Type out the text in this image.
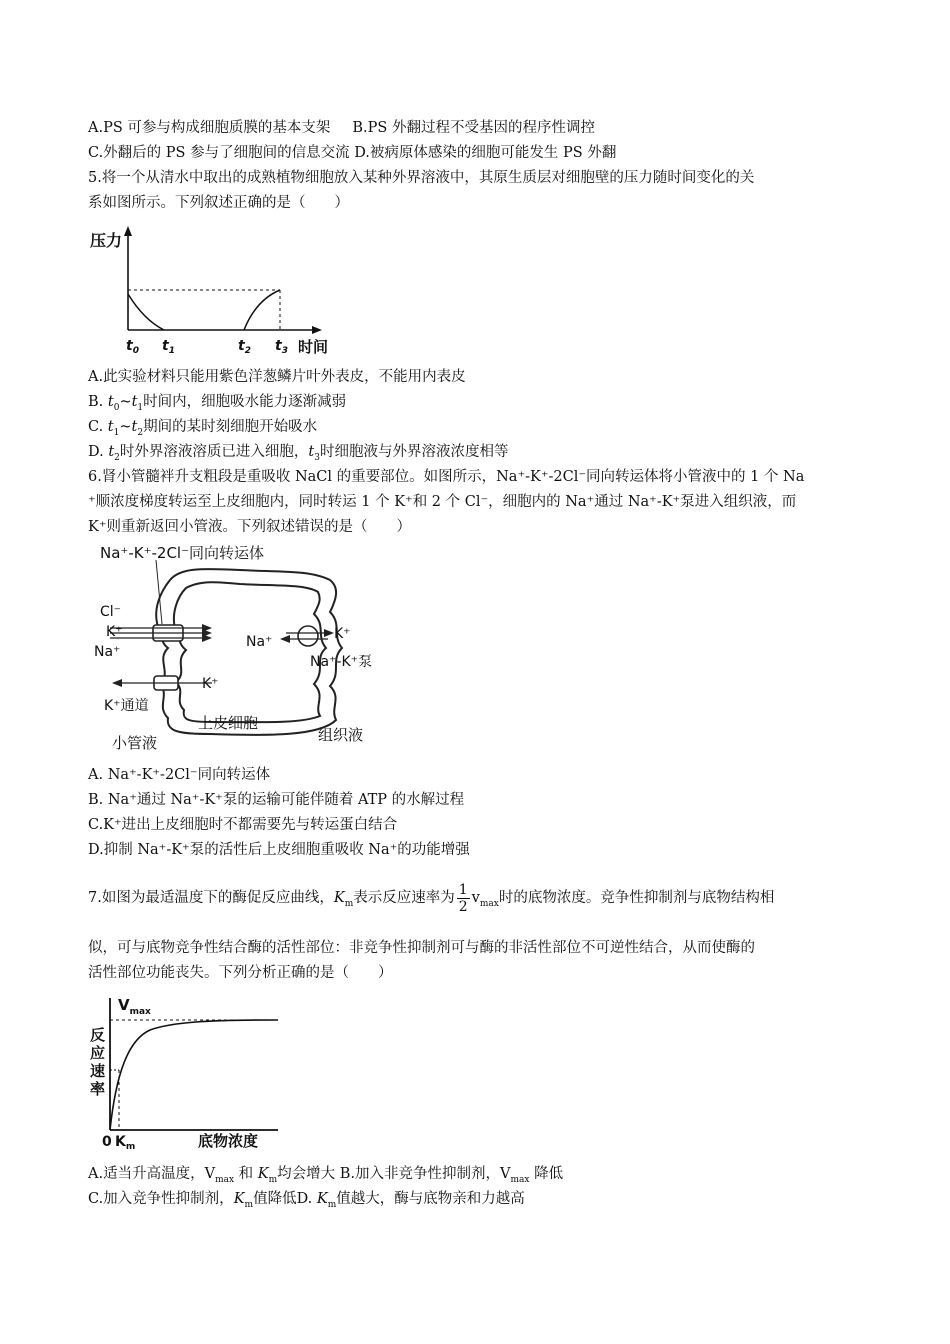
A.PS 可参与构成细胞质膜的基本支架 B.PS 外翻过程不受基因的程序性调控
C.外翻后的 PS 参与了细胞间的信息交流 D.被病原体感染的细胞可能发生 PS 外翻
5.将一个从清水中取出的成熟植物细胞放入某种外界溶液中，其原生质层对细胞壁的压力随时间变化的关
系如图所示。下列叙述正确的是（　　）
压力
时间
$t_0$ $t_1$	$t_2$ $t_3$
A.此实验材料只能用紫色洋葱鳞片叶外表皮，不能用内表皮
B. $t_0\sim t_1$时间内，细胞吸水能力逐渐减弱
C. $t_1\sim t_2$期间的某时刻细胞开始吸水
D. $t_2$时外界溶液溶质已进入细胞，$t_3$时细胞液与外界溶液浓度相等
6.肾小管髓袢升支粗段是重吸收 NaCl 的重要部位。如图所示，Na⁺-K⁺-2Cl⁻同向转运体将小管液中的 1 个 Na
⁺顺浓度梯度转运至上皮细胞内，同时转运 1 个 K⁺和 2 个 Cl⁻，细胞内的 Na⁺通过 Na⁺-K⁺泵进入组织液，而
K⁺则重新返回小管液。下列叙述错误的是（　　）
Na⁺-K⁺-2Cl⁻同向转运体
Cl⁻
K⁺
Na⁺
K⁺
K⁺通道
Na⁺	K⁺
Na⁺-K⁺泵
上皮细胞
小管液	组织液
A. Na⁺-K⁺-2Cl⁻同向转运体
B. Na⁺通过 Na⁺-K⁺泵的运输可能伴随着 ATP 的水解过程
C.K⁺进出上皮细胞时不都需要先与转运蛋白结合
D.抑制 Na⁺-K⁺泵的活性后上皮细胞重吸收 Na⁺的功能增强
7.如图为最适温度下的酶促反应曲线，$K_m$表示反应速率为 $\frac{1}{2} v_{max}$时的底物浓度。竞争性抑制剂与底物结构相
似，可与底物竞争性结合酶的活性部位：非竞争性抑制剂可与酶的非活性部位不可逆性结合，从而使酶的
活性部位功能丧失。下列分析正确的是（　　）
$V_{max}$
反
应
速
率
0 $K_m$	底物浓度
A.适当升高温度，$V_{max}$ 和 $K_m$均会增大 B.加入非竞争性抑制剂，$V_{max}$ 降低
C.加入竞争性抑制剂，$K_m$值降低D. $K_m$值越大，酶与底物亲和力越高
